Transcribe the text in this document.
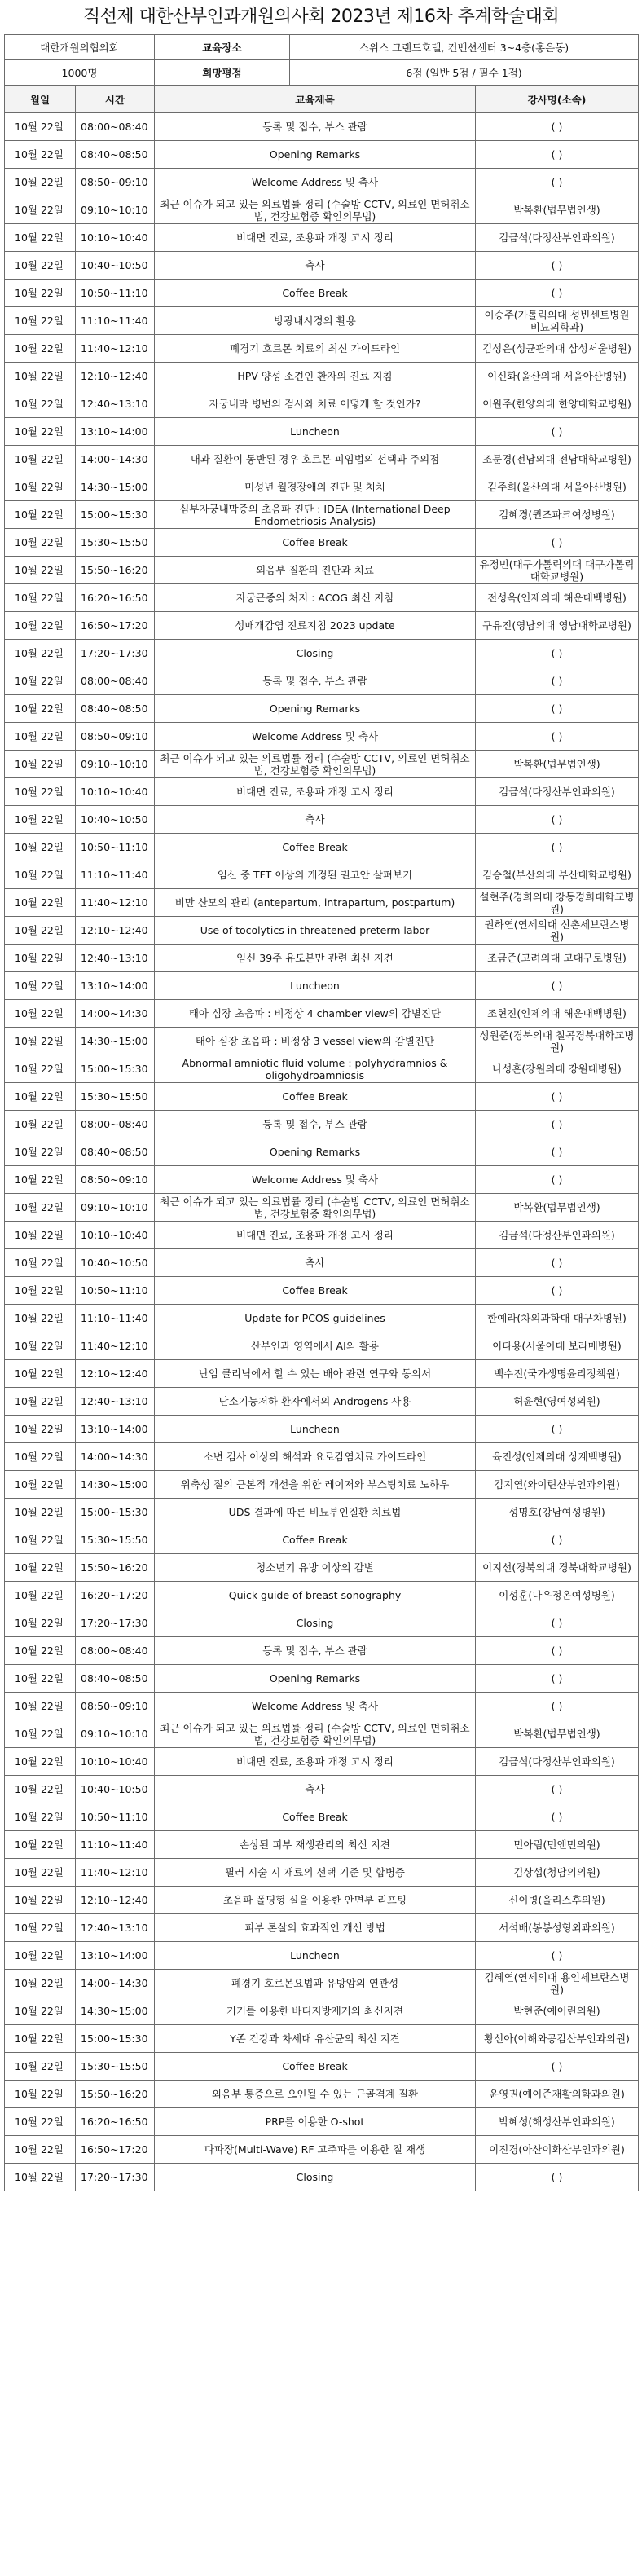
직선제 대한산부인과개원의사회 2023년 제16차 추계학술대회
대한개원의협의회	교육장소	스위스 그랜드호텔, 컨벤션센터 3~4층(홍은동)
1000명	희망평점	6점 (일반 5점 / 필수 1점)
월일	시간	교육제목	강사명(소속)
10월 22일	08:00~08:40	등록 및 접수, 부스 관람	( )
10월 22일	08:40~08:50	Opening Remarks	( )
10월 22일	08:50~09:10	Welcome Address 및 축사	( )
10월 22일	09:10~10:10	최근 이슈가 되고 있는 의료법률 정리 (수술방 CCTV, 의료인 면허취소법, 건강보험증 확인의무법)	박복환(법무법인생)
10월 22일	10:10~10:40	비대면 진료, 조용파 개정 고시 정리	김금석(다정산부인과의원)
10월 22일	10:40~10:50	축사	( )
10월 22일	10:50~11:10	Coffee Break	( )
10월 22일	11:10~11:40	방광내시경의 활용	이승주(가톨릭의대 성빈센트병원 비뇨의학과)
10월 22일	11:40~12:10	폐경기 호르몬 치료의 최신 가이드라인	김성은(성균관의대 삼성서울병원)
10월 22일	12:10~12:40	HPV 양성 소견인 환자의 진료 지침	이신화(울산의대 서울아산병원)
10월 22일	12:40~13:10	자궁내막 병변의 검사와 치료 어떻게 할 것인가?	이원주(한양의대 한양대학교병원)
10월 22일	13:10~14:00	Luncheon	( )
10월 22일	14:00~14:30	내과 질환이 동반된 경우 호르몬 피임법의 선택과 주의점	조문경(전남의대 전남대학교병원)
10월 22일	14:30~15:00	미성년 월경장애의 진단 및 처치	김주희(울산의대 서울아산병원)
10월 22일	15:00~15:30	심부자궁내막증의 초음파 진단 : IDEA (International Deep Endometriosis Analysis)	김혜경(퀸즈파크여성병원)
10월 22일	15:30~15:50	Coffee Break	( )
10월 22일	15:50~16:20	외음부 질환의 진단과 치료	유정민(대구가톨릭의대 대구가톨릭대학교병원)
10월 22일	16:20~16:50	자궁근종의 처지 : ACOG 최신 지침	전성욱(인제의대 해운대백병원)
10월 22일	16:50~17:20	성매개감염 진료지침 2023 update	구유진(영남의대 영남대학교병원)
10월 22일	17:20~17:30	Closing	( )
10월 22일	08:00~08:40	등록 및 접수, 부스 관람	( )
10월 22일	08:40~08:50	Opening Remarks	( )
10월 22일	08:50~09:10	Welcome Address 및 축사	( )
10월 22일	09:10~10:10	최근 이슈가 되고 있는 의료법률 정리 (수술방 CCTV, 의료인 면허취소법, 건강보험증 확인의무법)	박복환(법무법인생)
10월 22일	10:10~10:40	비대면 진료, 조용파 개정 고시 정리	김금석(다정산부인과의원)
10월 22일	10:40~10:50	축사	( )
10월 22일	10:50~11:10	Coffee Break	( )
10월 22일	11:10~11:40	임신 중 TFT 이상의 개정된 권고안 살펴보기	김승철(부산의대 부산대학교병원)
10월 22일	11:40~12:10	비만 산모의 관리 (antepartum, intrapartum, postpartum)	설현주(경희의대 강동경희대학교병원)
10월 22일	12:10~12:40	Use of tocolytics in threatened preterm labor	권하연(연세의대 신촌세브란스병원)
10월 22일	12:40~13:10	임신 39주 유도분만 관련 최신 지견	조금준(고려의대 고대구로병원)
10월 22일	13:10~14:00	Luncheon	( )
10월 22일	14:00~14:30	태아 심장 초음파 : 비정상 4 chamber view의 감별진단	조현진(인제의대 해운대백병원)
10월 22일	14:30~15:00	태아 심장 초음파 : 비정상 3 vessel view의 감별진단	성원준(경북의대 칠곡경북대학교병원)
10월 22일	15:00~15:30	Abnormal amniotic fluid volume : polyhydramnios & oligohydroamniosis	나성훈(강원의대 강원대병원)
10월 22일	15:30~15:50	Coffee Break	( )
10월 22일	08:00~08:40	등록 및 접수, 부스 관람	( )
10월 22일	08:40~08:50	Opening Remarks	( )
10월 22일	08:50~09:10	Welcome Address 및 축사	( )
10월 22일	09:10~10:10	최근 이슈가 되고 있는 의료법률 정리 (수술방 CCTV, 의료인 면허취소법, 건강보험증 확인의무법)	박복환(법무법인생)
10월 22일	10:10~10:40	비대면 진료, 조용파 개정 고시 정리	김금석(다정산부인과의원)
10월 22일	10:40~10:50	축사	( )
10월 22일	10:50~11:10	Coffee Break	( )
10월 22일	11:10~11:40	Update for PCOS guidelines	한예라(차의과학대 대구차병원)
10월 22일	11:40~12:10	산부인과 영역에서 AI의 활용	이다용(서울이대 보라매병원)
10월 22일	12:10~12:40	난임 클리닉에서 할 수 있는 배아 관련 연구와 동의서	백수진(국가생명윤리정책원)
10월 22일	12:40~13:10	난소기능저하 환자에서의 Androgens 사용	허윤현(영여성의원)
10월 22일	13:10~14:00	Luncheon	( )
10월 22일	14:00~14:30	소변 검사 이상의 해석과 요로감염치료 가이드라인	육진성(인제의대 상계백병원)
10월 22일	14:30~15:00	위축성 질의 근본적 개선을 위한 레이저와 부스팅치료 노하우	김지연(와이린산부인과의원)
10월 22일	15:00~15:30	UDS 결과에 따른 비뇨부인질환 치료법	성명호(강남여성병원)
10월 22일	15:30~15:50	Coffee Break	( )
10월 22일	15:50~16:20	청소년기 유방 이상의 감별	이지선(경북의대 경북대학교병원)
10월 22일	16:20~17:20	Quick guide of breast sonography	이성훈(나우정온여성병원)
10월 22일	17:20~17:30	Closing	( )
10월 22일	08:00~08:40	등록 및 접수, 부스 관람	( )
10월 22일	08:40~08:50	Opening Remarks	( )
10월 22일	08:50~09:10	Welcome Address 및 축사	( )
10월 22일	09:10~10:10	최근 이슈가 되고 있는 의료법률 정리 (수술방 CCTV, 의료인 면허취소법, 건강보험증 확인의무법)	박복환(법무법인생)
10월 22일	10:10~10:40	비대면 진료, 조용파 개정 고시 정리	김금석(다정산부인과의원)
10월 22일	10:40~10:50	축사	( )
10월 22일	10:50~11:10	Coffee Break	( )
10월 22일	11:10~11:40	손상된 피부 재생관리의 최신 지견	민아림(민앤민의원)
10월 22일	11:40~12:10	필러 시술 시 재료의 선택 기준 및 합병증	김상섭(청담의의원)
10월 22일	12:10~12:40	초음파 폴딩형 실을 이용한 안면부 리프팅	신이병(올리스후의원)
10월 22일	12:40~13:10	피부 톤살의 효과적인 개선 방법	서석배(봉봉성형외과의원)
10월 22일	13:10~14:00	Luncheon	( )
10월 22일	14:00~14:30	폐경기 호르몬요법과 유방암의 연관성	김혜연(연세의대 용인세브란스병원)
10월 22일	14:30~15:00	기기를 이용한 바디지방제거의 최신지견	박현준(예이린의원)
10월 22일	15:00~15:30	Y존 건강과 차세대 유산균의 최신 지견	황선아(이해와공감산부인과의원)
10월 22일	15:30~15:50	Coffee Break	( )
10월 22일	15:50~16:20	외음부 통증으로 오인될 수 있는 근골격계 질환	윤영권(예이준재활의학과의원)
10월 22일	16:20~16:50	PRP를 이용한 O-shot	박혜성(해성산부인과의원)
10월 22일	16:50~17:20	다파장(Multi-Wave) RF 고주파를 이용한 질 재생	이진경(아산이화산부인과의원)
10월 22일	17:20~17:30	Closing	( )
